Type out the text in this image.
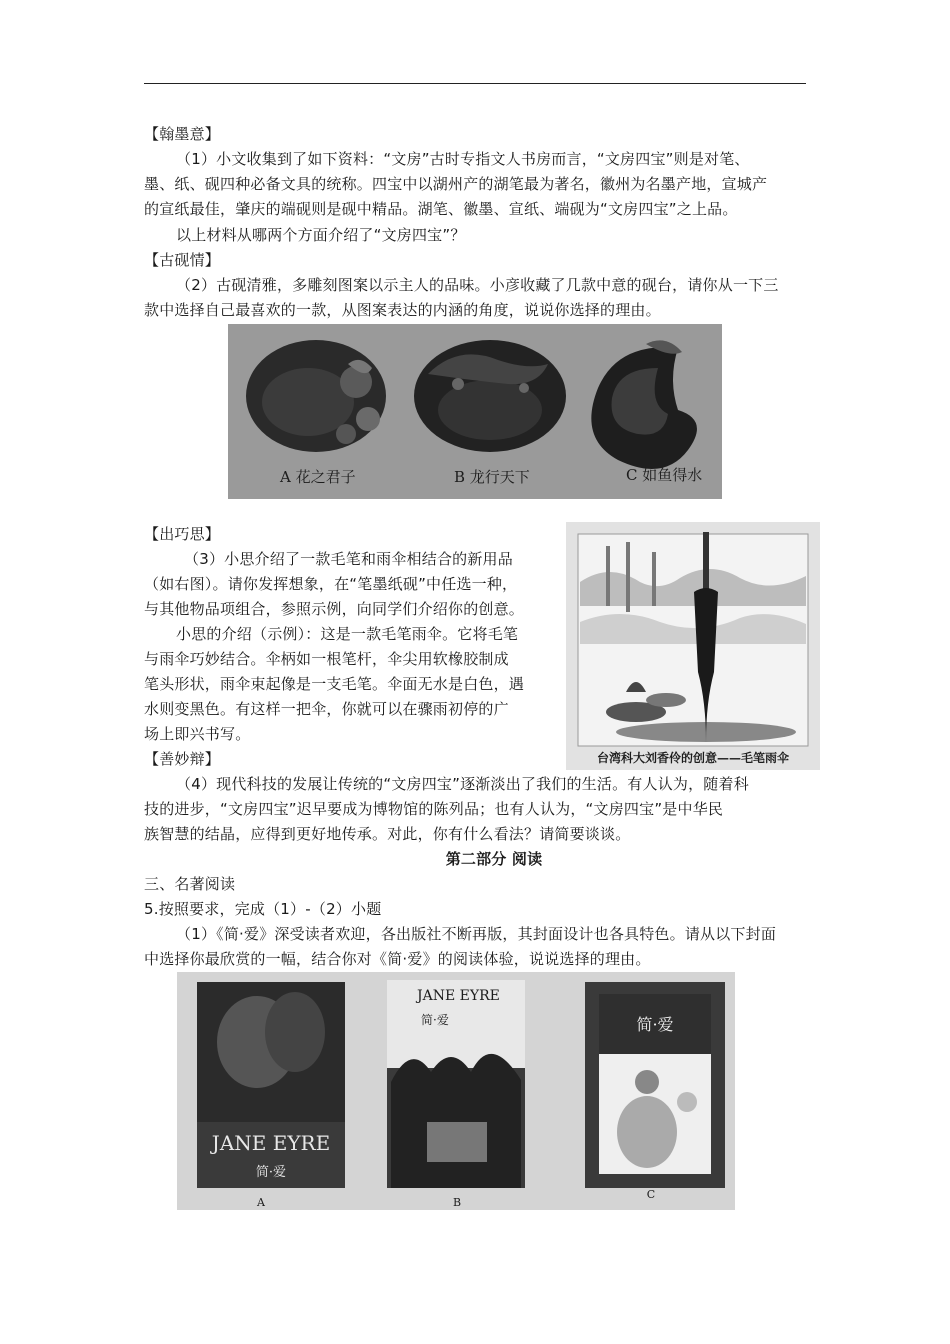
【翰墨意】
（1）小文收集到了如下资料：“文房”古时专指文人书房而言，“文房四宝”则是对笔、
墨、纸、砚四种必备文具的统称。四宝中以湖州产的湖笔最为著名，徽州为名墨产地，宣城产
的宣纸最佳，肇庆的端砚则是砚中精品。湖笔、徽墨、宣纸、端砚为“文房四宝”之上品。
以上材料从哪两个方面介绍了“文房四宝”？
【古砚情】
（2）古砚清雅，多雕刻图案以示主人的品味。小彦收藏了几款中意的砚台，请你从一下三
款中选择自己最喜欢的一款，从图案表达的内涵的角度，说说你选择的理由。
A 花之君子	B 龙行天下	C 如鱼得水
【出巧思】
（3）小思介绍了一款毛笔和雨伞相结合的新用品
（如右图）。请你发挥想象，在“笔墨纸砚”中任选一种，
与其他物品项组合，参照示例，向同学们介绍你的创意。
小思的介绍（示例）：这是一款毛笔雨伞。它将毛笔
与雨伞巧妙结合。伞柄如一根笔杆，伞尖用软橡胶制成
笔头形状，雨伞束起像是一支毛笔。伞面无水是白色，遇
水则变黑色。有这样一把伞，你就可以在骤雨初停的广
场上即兴书写。
台湾科大刘香伶的创意——毛笔雨伞
【善妙辩】
（4）现代科技的发展让传统的“文房四宝”逐渐淡出了我们的生活。有人认为，随着科
技的进步，“文房四宝”迟早要成为博物馆的陈列品；也有人认为，“文房四宝”是中华民
族智慧的结晶，应得到更好地传承。对此，你有什么看法？请简要谈谈。
第二部分 阅读
三、名著阅读
5.按照要求，完成（1）-（2）小题
（1）《简·爱》深受读者欢迎，各出版社不断再版，其封面设计也各具特色。请从以下封面
中选择你最欣赏的一幅，结合你对《简·爱》的阅读体验，说说选择的理由。
JANE EYRE
简·爱
A
JANE EYRE
简·爱
B
简·爱
C
